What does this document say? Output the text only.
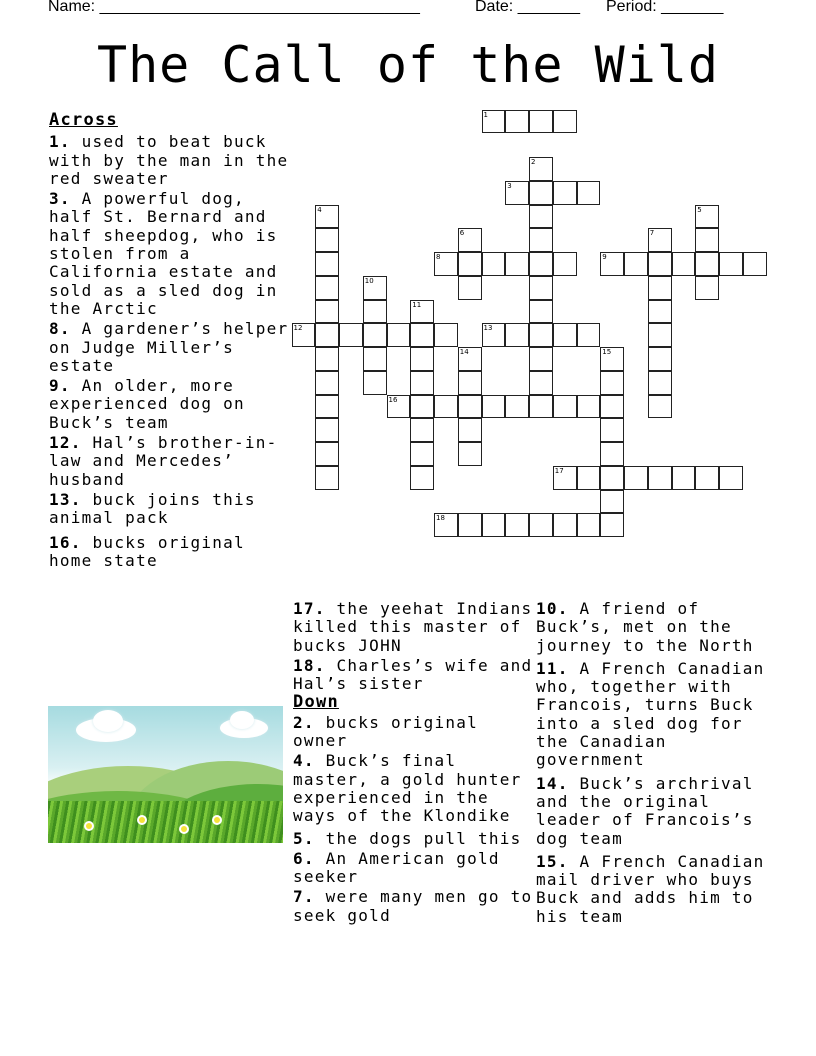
Name: ____________________________________	Date: _______ Period: _______
The Call of the Wild
1
2
3
4	5
6	7
8	9
10
11
12	13
14	15
16
17
18
Across
1. used to beat buck with by the man in the red sweater
3. A powerful dog, half St. Bernard and half sheepdog, who is stolen from a California estate and sold as a sled dog in the Arctic
8. A gardener’s helper on Judge Miller’s estate
9. An older, more experienced dog on Buck’s team
12. Hal’s brother-in-law and Mercedes’ husband
13. buck joins this animal pack
16. bucks original home state
17. the yeehat Indians killed this master of bucks JOHN
18. Charles’s wife and Hal’s sister
Down
2. bucks original owner
4. Buck’s final master, a gold hunter experienced in the ways of the Klondike
5. the dogs pull this
6. An American gold seeker
7. were many men go to seek gold
10. A friend of Buck’s, met on the journey to the North
11. A French Canadian who, together with Francois, turns Buck into a sled dog for the Canadian government
14. Buck’s archrival and the original leader of Francois’s dog team
15. A French Canadian mail driver who buys Buck and adds him to his team
